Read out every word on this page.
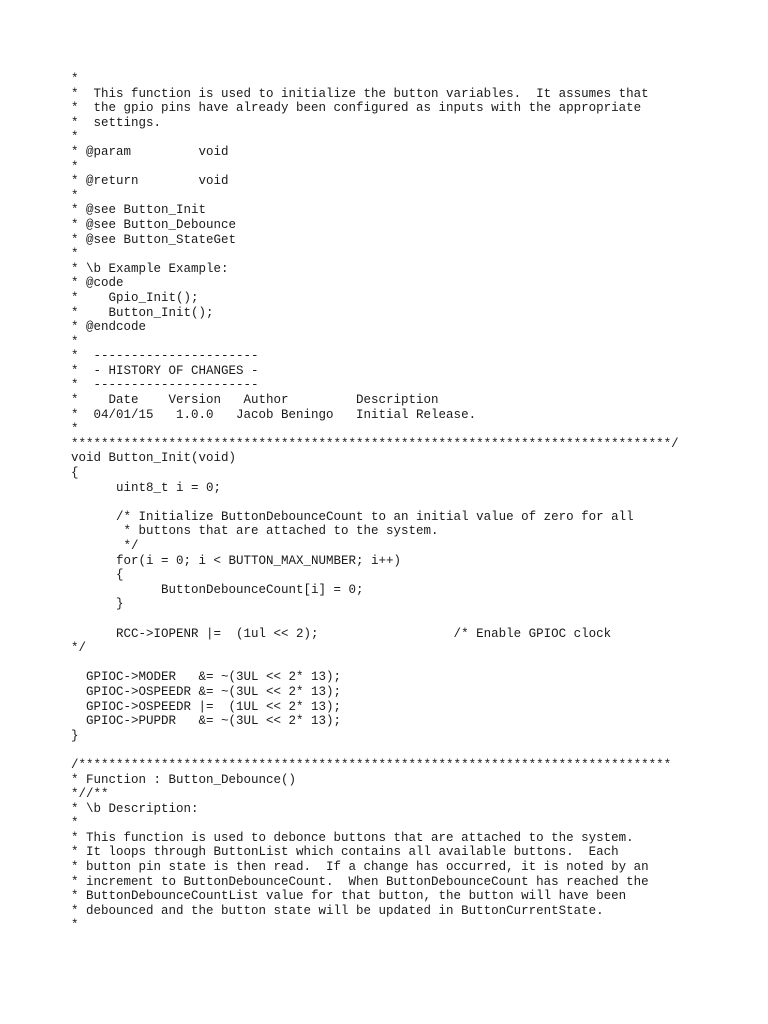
*
*  This function is used to initialize the button variables.  It assumes that
*  the gpio pins have already been configured as inputs with the appropriate
*  settings.
*
* @param         void
*
* @return        void
*
* @see Button_Init
* @see Button_Debounce
* @see Button_StateGet
*
* \b Example Example:
* @code
*    Gpio_Init();
*    Button_Init();
* @endcode
*
*  ----------------------
*  - HISTORY OF CHANGES -
*  ----------------------
*    Date    Version   Author         Description
*  04/01/15   1.0.0   Jacob Beningo   Initial Release.
*
********************************************************************************/
void Button_Init(void)
{
uint8_t i = 0;
/* Initialize ButtonDebounceCount to an initial value of zero for all
* buttons that are attached to the system.
*/
for(i = 0; i < BUTTON_MAX_NUMBER; i++)
{
ButtonDebounceCount[i] = 0;
}
RCC->IOPENR |=  (1ul << 2);                  /* Enable GPIOC clock
*/
GPIOC->MODER   &= ~(3UL << 2* 13);
GPIOC->OSPEEDR &= ~(3UL << 2* 13);
GPIOC->OSPEEDR |=  (1UL << 2* 13);
GPIOC->PUPDR   &= ~(3UL << 2* 13);
}
/*******************************************************************************
* Function : Button_Debounce()
*//**
* \b Description:
*
* This function is used to debonce buttons that are attached to the system.
* It loops through ButtonList which contains all available buttons.  Each
* button pin state is then read.  If a change has occurred, it is noted by an
* increment to ButtonDebounceCount.  When ButtonDebounceCount has reached the
* ButtonDebounceCountList value for that button, the button will have been
* debounced and the button state will be updated in ButtonCurrentState.
*
